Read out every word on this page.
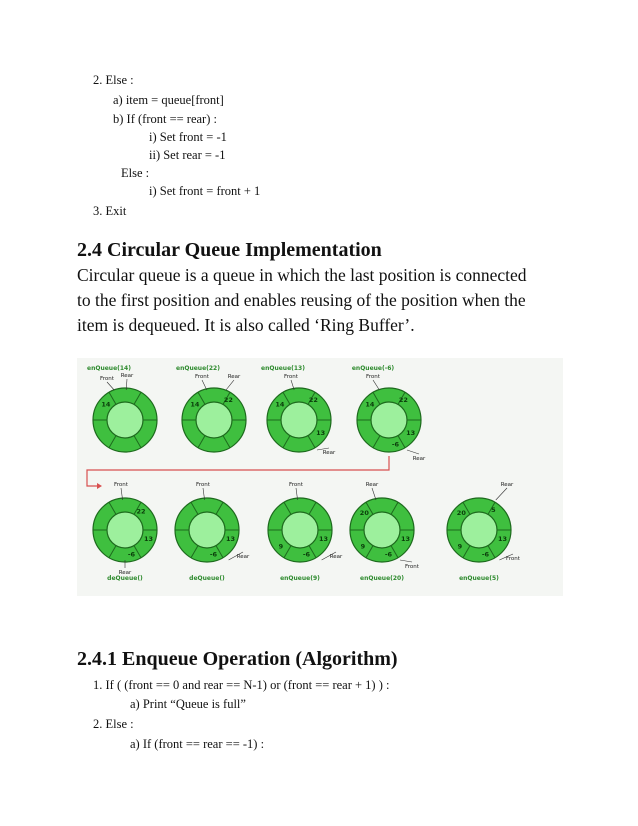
2. Else :
a) item = queue[front]
b) If (front == rear) :
i) Set front = -1
ii) Set rear = -1
Else :
i) Set front = front + 1
3. Exit
2.4 Circular Queue Implementation
Circular queue is a queue in which the last position is connected
to the first position and enables reusing of the position when the
item is dequeued. It is also called ‘Ring Buffer’.
14
Front Rear
enQueue(14)
14
22
Front	Rear
enQueue(22)
14
22
13
Front
Rear
enQueue(13)
14
22
13
-6
Front
Rear
enQueue(-6)
22
13
-6
Front
Rear
deQueue()
13
-6
Front
Rear
deQueue()
13
-6
9
Front
Rear
enQueue(9)
20
13
-6
9
Rear
Front
enQueue(20)
20	5
13
-6
9
Rear
Front
enQueue(5)
2.4.1 Enqueue Operation (Algorithm)
1. If ( (front == 0 and rear == N-1) or (front == rear + 1) ) :
a) Print “Queue is full”
2. Else :
a) If (front == rear == -1) :
